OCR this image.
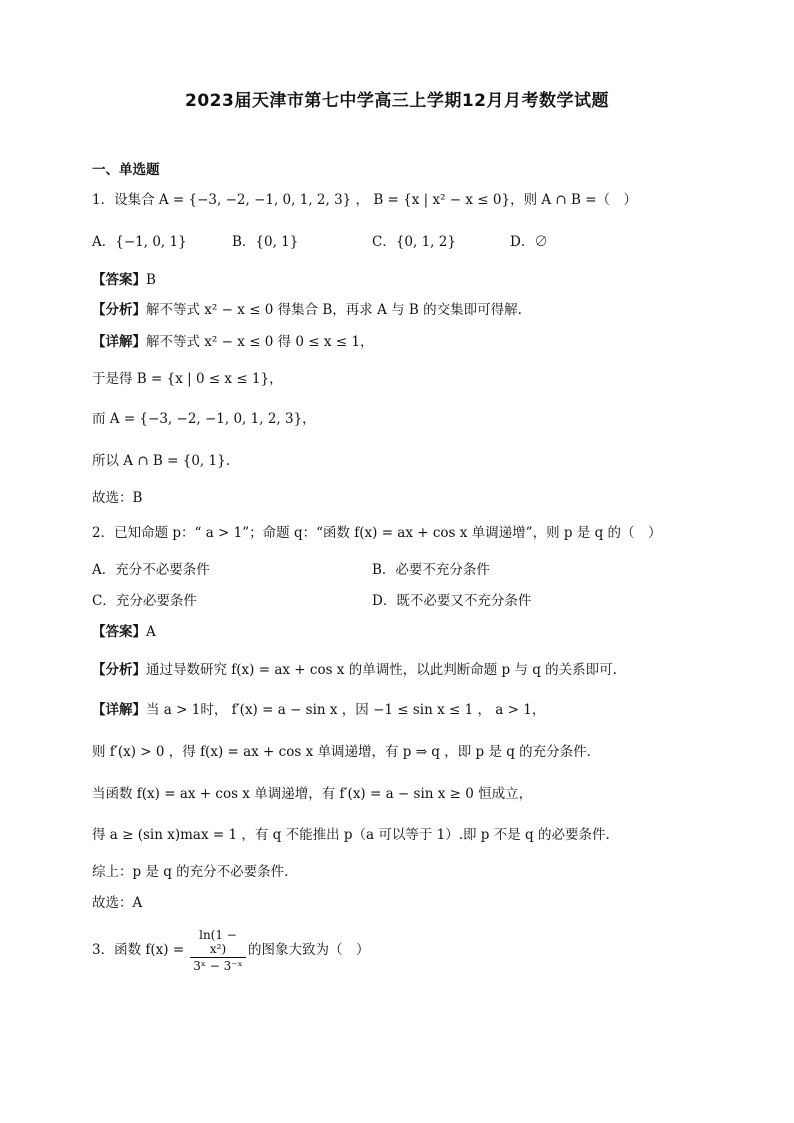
2023届天津市第七中学高三上学期12月月考数学试题
一、单选题
1．设集合 A = {−3, −2, −1, 0, 1, 2, 3} ， B = {x | x² − x ≤ 0}，则 A ∩ B =（　）
A．{−1, 0, 1}	B．{0, 1}	C．{0, 1, 2}	D．∅
【答案】B
【分析】解不等式 x² − x ≤ 0 得集合 B，再求 A 与 B 的交集即可得解.
【详解】解不等式 x² − x ≤ 0 得 0 ≤ x ≤ 1，
于是得 B = {x | 0 ≤ x ≤ 1}，
而 A = {−3, −2, −1, 0, 1, 2, 3}，
所以 A ∩ B = {0, 1}.
故选：B
2．已知命题 p：“ a > 1”；命题 q：“函数 f(x) = ax + cos x 单调递增”，则 p 是 q 的（　）
A．充分不必要条件	B．必要不充分条件
C．充分必要条件	D．既不必要又不充分条件
【答案】A
【分析】通过导数研究 f(x) = ax + cos x 的单调性，以此判断命题 p 与 q 的关系即可.
【详解】当 a > 1时， f′(x) = a − sin x ，因 −1 ≤ sin x ≤ 1 ， a > 1，
则 f′(x) > 0 ，得 f(x) = ax + cos x 单调递增，有 p ⇒ q ，即 p 是 q 的充分条件.
当函数 f(x) = ax + cos x 单调递增，有 f′(x) = a − sin x ≥ 0 恒成立，
得 a ≥ (sin x)max = 1 ，有 q 不能推出 p（a 可以等于 1）.即 p 不是 q 的必要条件.
综上：p 是 q 的充分不必要条件.
故选：A
3．函数 $f(x) = \frac{\text{ln(1 − x²)}}{\text{3ˣ − 3⁻ˣ}}$ 的图象大致为（　）
